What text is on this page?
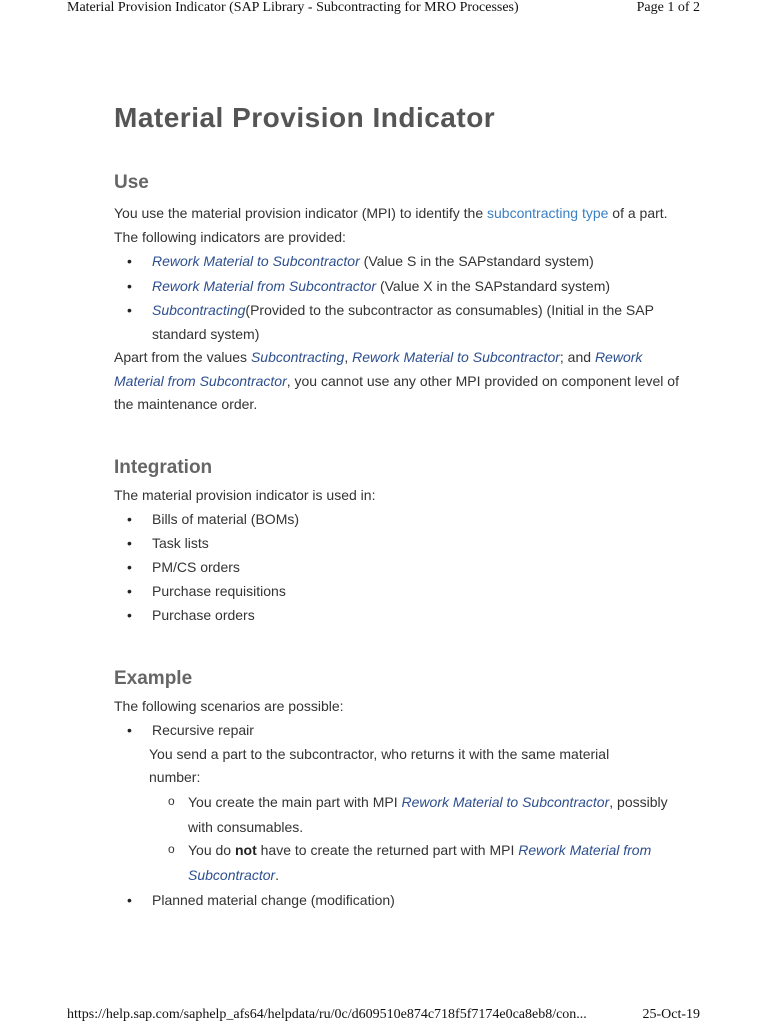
Material Provision Indicator (SAP Library - Subcontracting for MRO Processes)	Page 1 of 2
Material Provision Indicator
Use

You use the material provision indicator (MPI) to identify the subcontracting type of a part. The following indicators are provided:

• Rework Material to Subcontractor (Value S in the SAPstandard system)
• Rework Material from Subcontractor (Value X in the SAPstandard system)
• Subcontracting(Provided to the subcontractor as consumables) (Initial in the SAP standard system)

Apart from the values Subcontracting, Rework Material to Subcontractor; and Rework Material from Subcontractor, you cannot use any other MPI provided on component level of the maintenance order.

Integration

The material provision indicator is used in:

• Bills of material (BOMs)
• Task lists
• PM/CS orders
• Purchase requisitions
• Purchase orders
Example

The following scenarios are possible:

• Recursive repair
You send a part to the subcontractor, who returns it with the same material number:
o You create the main part with MPI Rework Material to Subcontractor, possibly with consumables.
o You do not have to create the returned part with MPI Rework Material from Subcontractor.
• Planned material change (modification)
https://help.sap.com/saphelp_afs64/helpdata/ru/0c/d609510e874c718f5f7174e0ca8eb8/con...	25-Oct-19
